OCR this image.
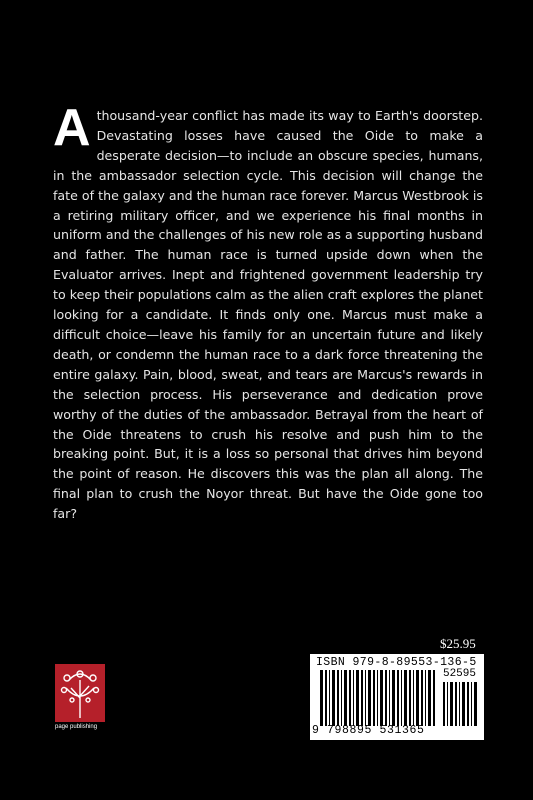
A thousand-year conflict has made its way to Earth's doorstep. Devastating losses have caused the Oide to make a desperate decision—to include an obscure species, humans, in the ambassador selection cycle. This decision will change the fate of the galaxy and the human race forever. Marcus Westbrook is a retiring military officer, and we experience his final months in uniform and the challenges of his new role as a supporting husband and father. The human race is turned upside down when the Evaluator arrives. Inept and frightened government leadership try to keep their populations calm as the alien craft explores the planet looking for a candidate. It finds only one. Marcus must make a difficult choice—leave his family for an uncertain future and likely death, or condemn the human race to a dark force threatening the entire galaxy. Pain, blood, sweat, and tears are Marcus's rewards in the selection process. His perseverance and dedication prove worthy of the duties of the ambassador. Betrayal from the heart of the Oide threatens to crush his resolve and push him to the breaking point. But, it is a loss so personal that drives him beyond the point of reason. He discovers this was the plan all along. The final plan to crush the Noyor threat. But have the Oide gone too far?
$25.95
ISBN 979-8-89553-136-5
52595
9 798895 531365
page publishing
